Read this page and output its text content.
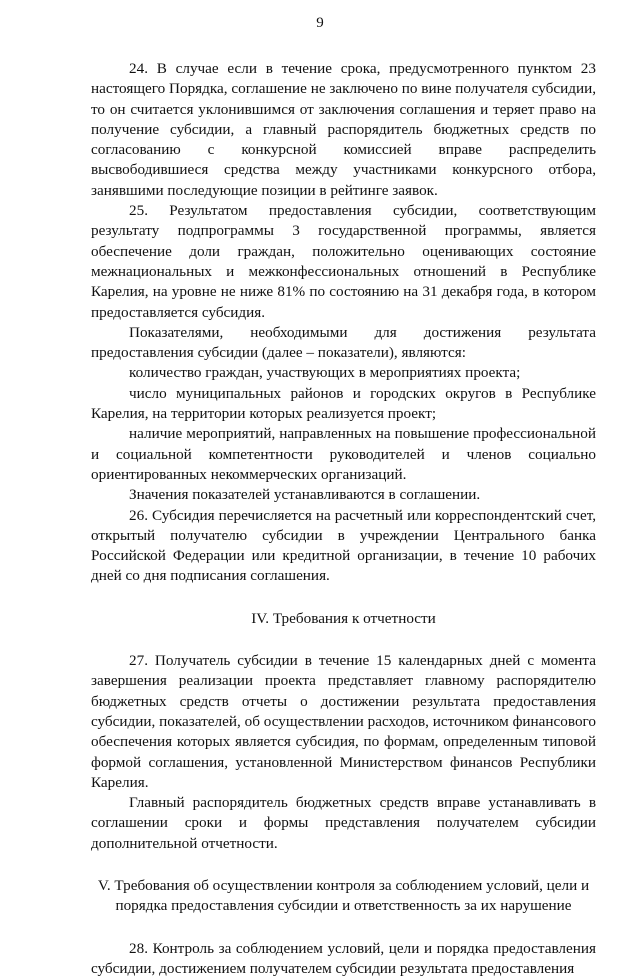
9

24. В случае если в течение срока, предусмотренного пунктом 23 настоящего Порядка, соглашение не заключено по вине получателя субсидии, то он считается уклонившимся от заключения соглашения и теряет право на получение субсидии, а главный распорядитель бюджетных средств по согласованию с конкурсной комиссией вправе распределить высвободившиеся средства между участниками конкурсного отбора, занявшими последующие позиции в рейтинге заявок.

25. Результатом предоставления субсидии, соответствующим результату подпрограммы 3 государственной программы, является обеспечение доли граждан, положительно оценивающих состояние межнациональных и межконфессиональных отношений в Республике Карелия, на уровне не ниже 81% по состоянию на 31 декабря года, в котором предоставляется субсидия.

Показателями, необходимыми для достижения результата предоставления субсидии (далее – показатели), являются:

количество граждан, участвующих в мероприятиях проекта;

число муниципальных районов и городских округов в Республике Карелия, на территории которых реализуется проект;

наличие мероприятий, направленных на повышение профессиональной и социальной компетентности руководителей и членов социально ориентированных некоммерческих организаций.

Значения показателей устанавливаются в соглашении.

26. Субсидия перечисляется на расчетный или корреспондентский счет, открытый получателю субсидии в учреждении Центрального банка Российской Федерации или кредитной организации, в течение 10 рабочих дней со дня подписания соглашения.

IV. Требования к отчетности

27. Получатель субсидии в течение 15 календарных дней с момента завершения реализации проекта представляет главному распорядителю бюджетных средств отчеты о достижении результата предоставления субсидии, показателей, об осуществлении расходов, источником финансового обеспечения которых является субсидия, по формам, определенным типовой формой соглашения, установленной Министерством финансов Республики Карелия.

Главный распорядитель бюджетных средств вправе устанавливать в соглашении сроки и формы представления получателем субсидии дополнительной отчетности.

V. Требования об осуществлении контроля за соблюдением условий, цели и порядка предоставления субсидии и ответственность за их нарушение

28. Контроль за соблюдением условий, цели и порядка предоставления субсидии, достижением получателем субсидии результата предоставления
